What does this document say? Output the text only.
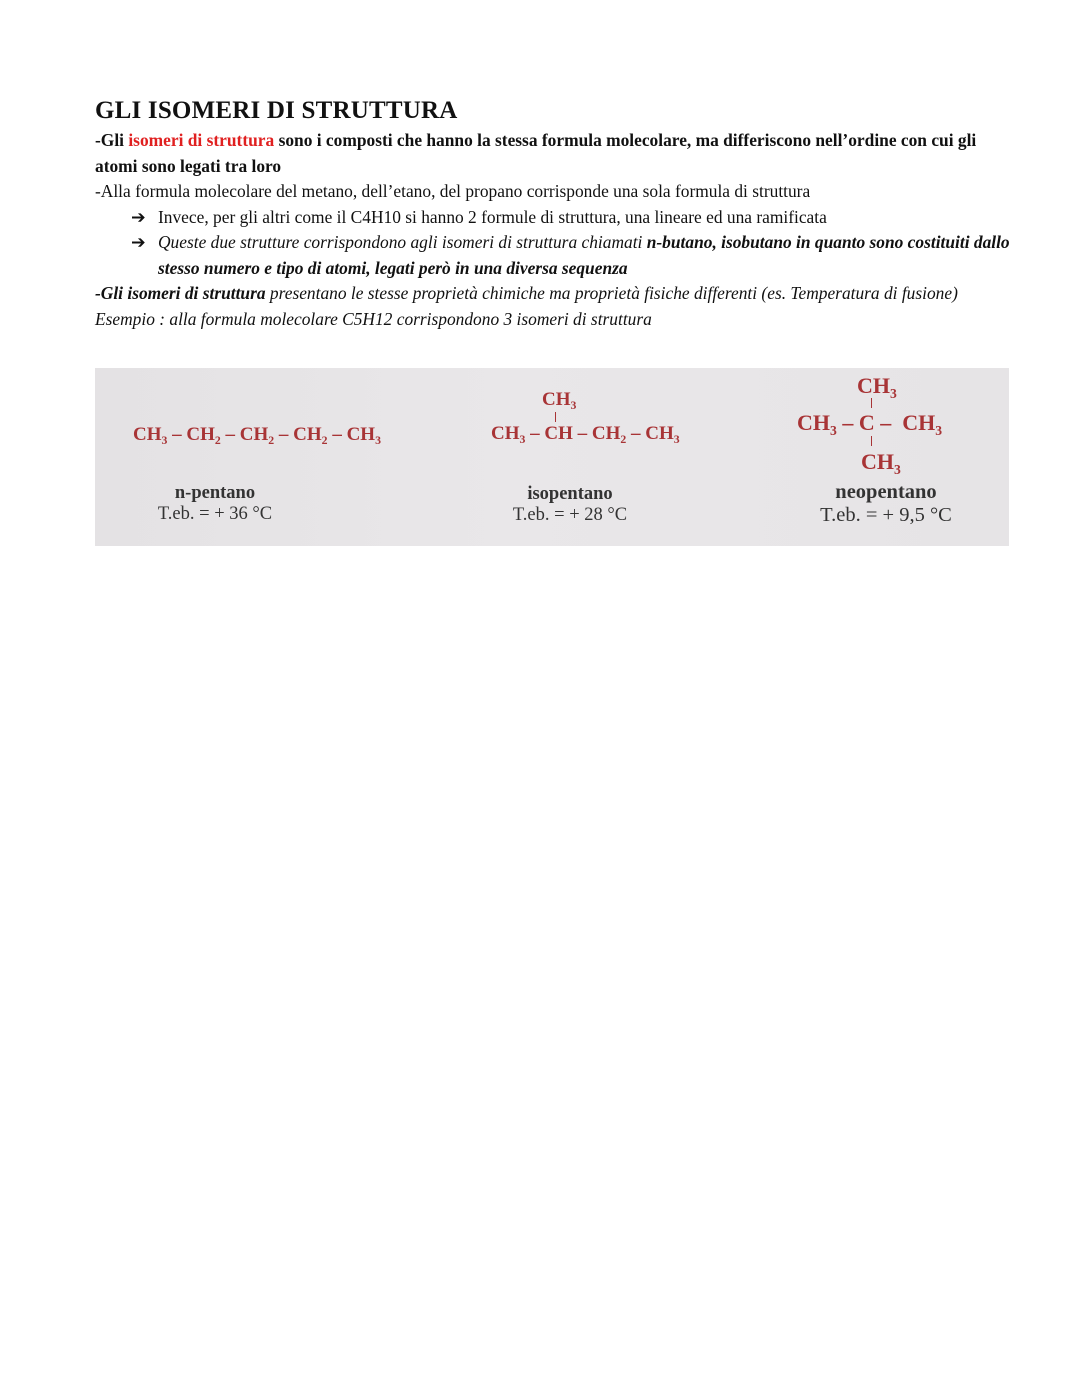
GLI ISOMERI DI STRUTTURA

-Gli isomeri di struttura sono i composti che hanno la stessa formula molecolare, ma differiscono nell’ordine con cui gli atomi sono legati tra loro

-Alla formula molecolare del metano, dell’etano, del propano corrisponde una sola formula di struttura

➔ Invece, per gli altri come il C4H10 si hanno 2 formule di struttura, una lineare ed una ramificata

➔ Queste due strutture corrispondono agli isomeri di struttura chiamati n-butano, isobutano in quanto sono costituiti dallo stesso numero e tipo di atomi, legati però in una diversa sequenza

-Gli isomeri di struttura presentano le stesse proprietà chimiche ma proprietà fisiche differenti (es. Temperatura di fusione)

Esempio : alla formula molecolare C5H12 corrispondono 3 isomeri di struttura

$CH_3 - CH_2 - CH_2 - CH_2 - CH_3$
n-pentano
T.eb. = + 36 °C
$CH_3$
$CH_3$ – CH – $CH_2 - CH_3$
isopentano
T.eb. = + 28 °C
$CH_3$
$CH_3$ – C –  $CH_3$
$CH_3$
neopentano
T.eb. = + 9,5 °C
